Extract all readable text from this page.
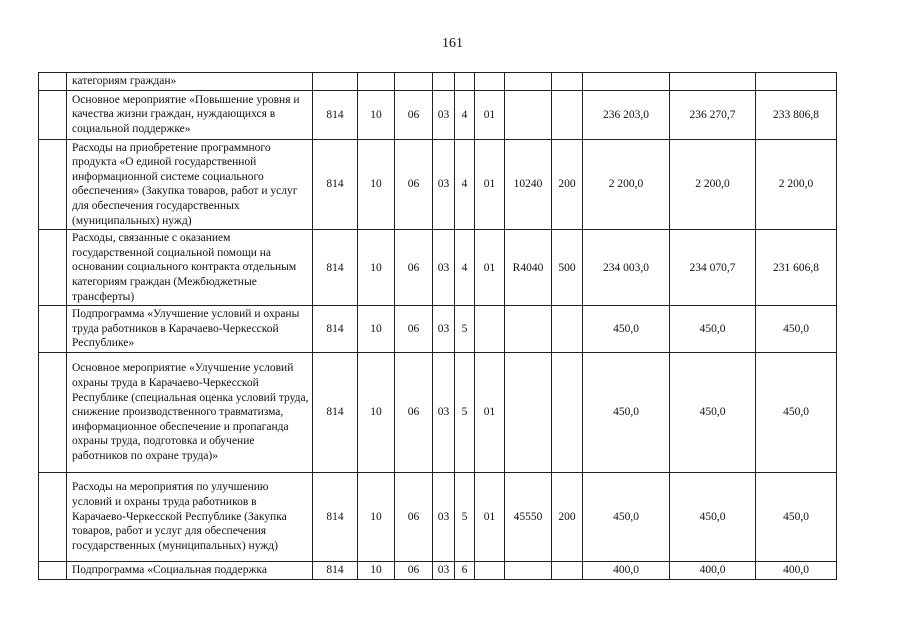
161
	категориям граждан»											
	Основное мероприятие «Повышение уровня и качества жизни граждан, нуждающихся в социальной поддержке»	814	10	06	03	4	01			236 203,0	236 270,7	233 806,8
	Расходы на приобретение программного продукта «О единой государственной информационной системе социального обеспечения» (Закупка товаров, работ и услуг для обеспечения государственных (муниципальных) нужд)	814	10	06	03	4	01	10240	200	2 200,0	2 200,0	2 200,0
	Расходы, связанные с оказанием государственной социальной помощи на основании социального контракта отдельным категориям граждан (Межбюджетные трансферты)	814	10	06	03	4	01	R4040	500	234 003,0	234 070,7	231 606,8
	Подпрограмма «Улучшение условий и охраны труда работников в Карачаево-Черкесской Республике»	814	10	06	03	5				450,0	450,0	450,0
	Основное мероприятие «Улучшение условий охраны труда в Карачаево-Черкесской Республике (специальная оценка условий труда, снижение производственного травматизма, информационное обеспечение и пропаганда охраны труда, подготовка и обучение работников по охране труда)»	814	10	06	03	5	01			450,0	450,0	450,0
	Расходы на мероприятия по улучшению условий и охраны труда работников в Карачаево-Черкесской Республике (Закупка товаров, работ и услуг для обеспечения государственных (муниципальных) нужд)	814	10	06	03	5	01	45550	200	450,0	450,0	450,0
	Подпрограмма «Социальная поддержка	814	10	06	03	6				400,0	400,0	400,0
